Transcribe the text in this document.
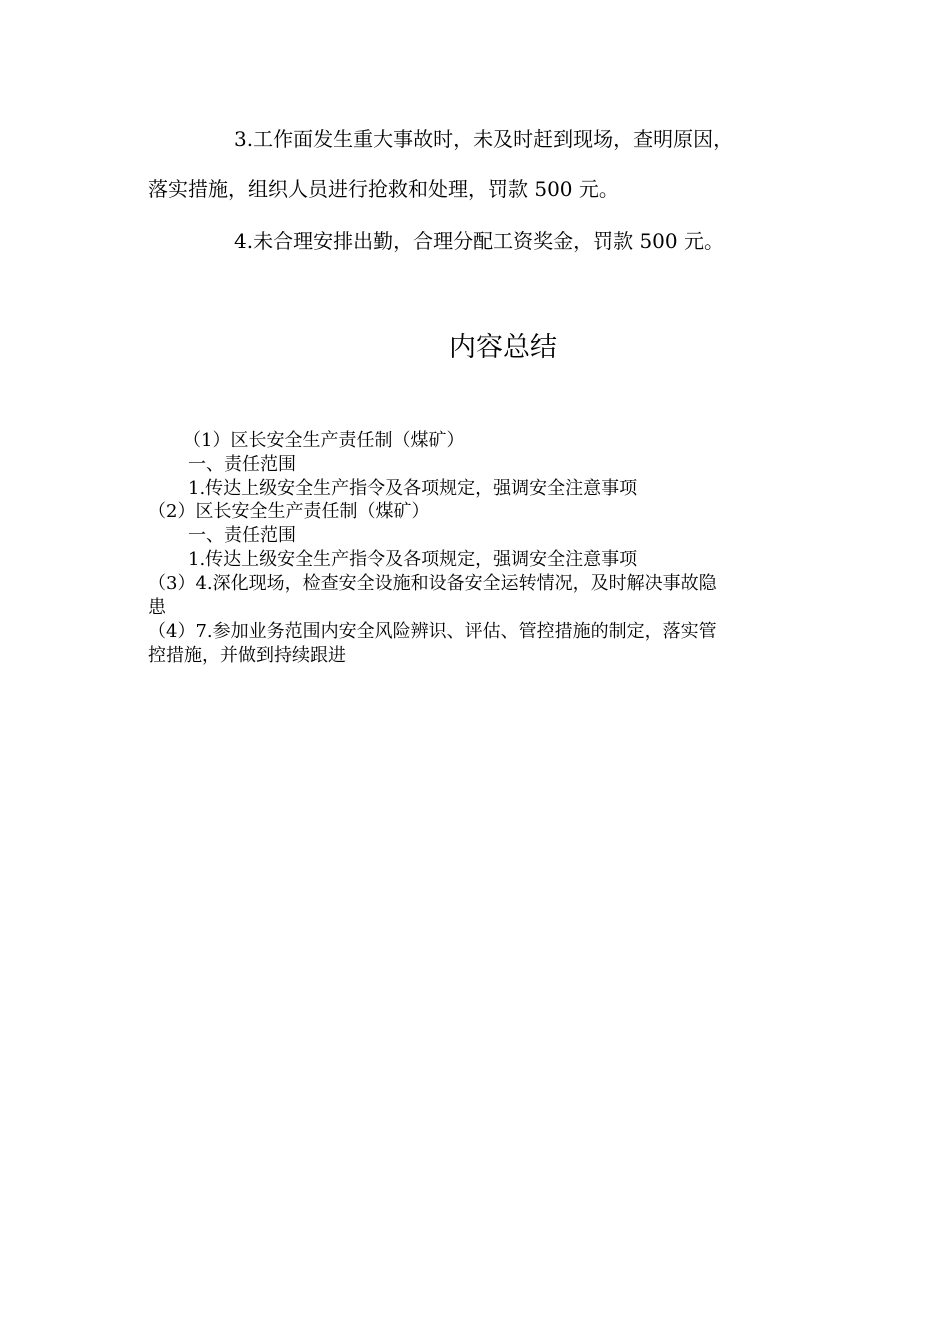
3.工作面发生重大事故时，未及时赶到现场，查明原因，
落实措施，组织人员进行抢救和处理，罚款 500 元。
4.未合理安排出勤，合理分配工资奖金，罚款 500 元。
内容总结
（1）区长安全生产责任制（煤矿）
一、责任范围
1.传达上级安全生产指令及各项规定，强调安全注意事项
（2）区长安全生产责任制（煤矿）
一、责任范围
1.传达上级安全生产指令及各项规定，强调安全注意事项
（3）4.深化现场，检查安全设施和设备安全运转情况，及时解决事故隐
患
（4）7.参加业务范围内安全风险辨识、评估、管控措施的制定，落实管
控措施，并做到持续跟进
